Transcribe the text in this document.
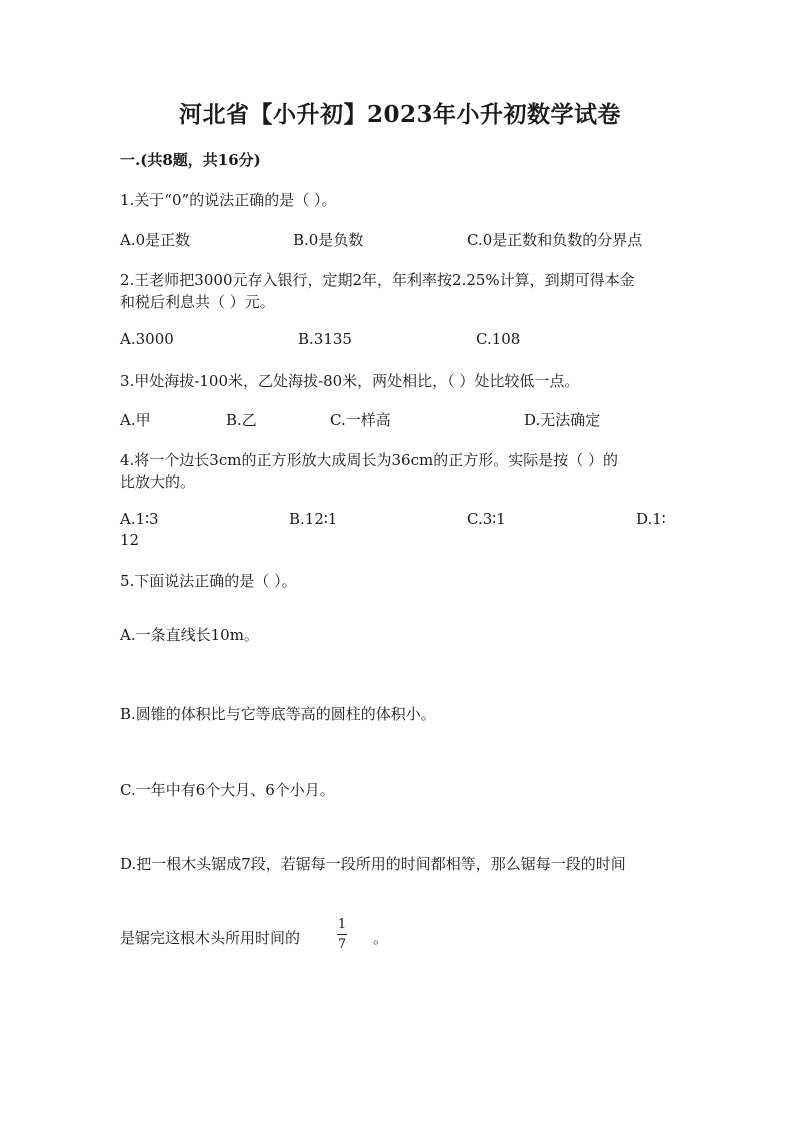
河北省【小升初】2023年小升初数学试卷
一.(共8题，共16分)
1.关于“0”的说法正确的是（ ）。
A.0是正数	B.0是负数	C.0是正数和负数的分界点
2.王老师把3000元存入银行，定期2年，年利率按2.25%计算，到期可得本金
和税后利息共（ ）元。
A.3000	B.3135	C.108
3.甲处海拔-100米，乙处海拔-80米，两处相比，（ ）处比较低一点。
A.甲	B.乙	C.一样高	D.无法确定
4.将一个边长3cm的正方形放大成周长为36cm的正方形。实际是按（ ）的
比放大的。
A.1∶3	B.12∶1	C.3∶1	D.1∶
12
5.下面说法正确的是（ ）。
A.一条直线长10m。
B.圆锥的体积比与它等底等高的圆柱的体积小。
C.一年中有6个大月、6个小月。
D.把一根木头锯成7段，若锯每一段所用的时间都相等，那么锯每一段的时间
是锯完这根木头所用时间的
1
7 。
